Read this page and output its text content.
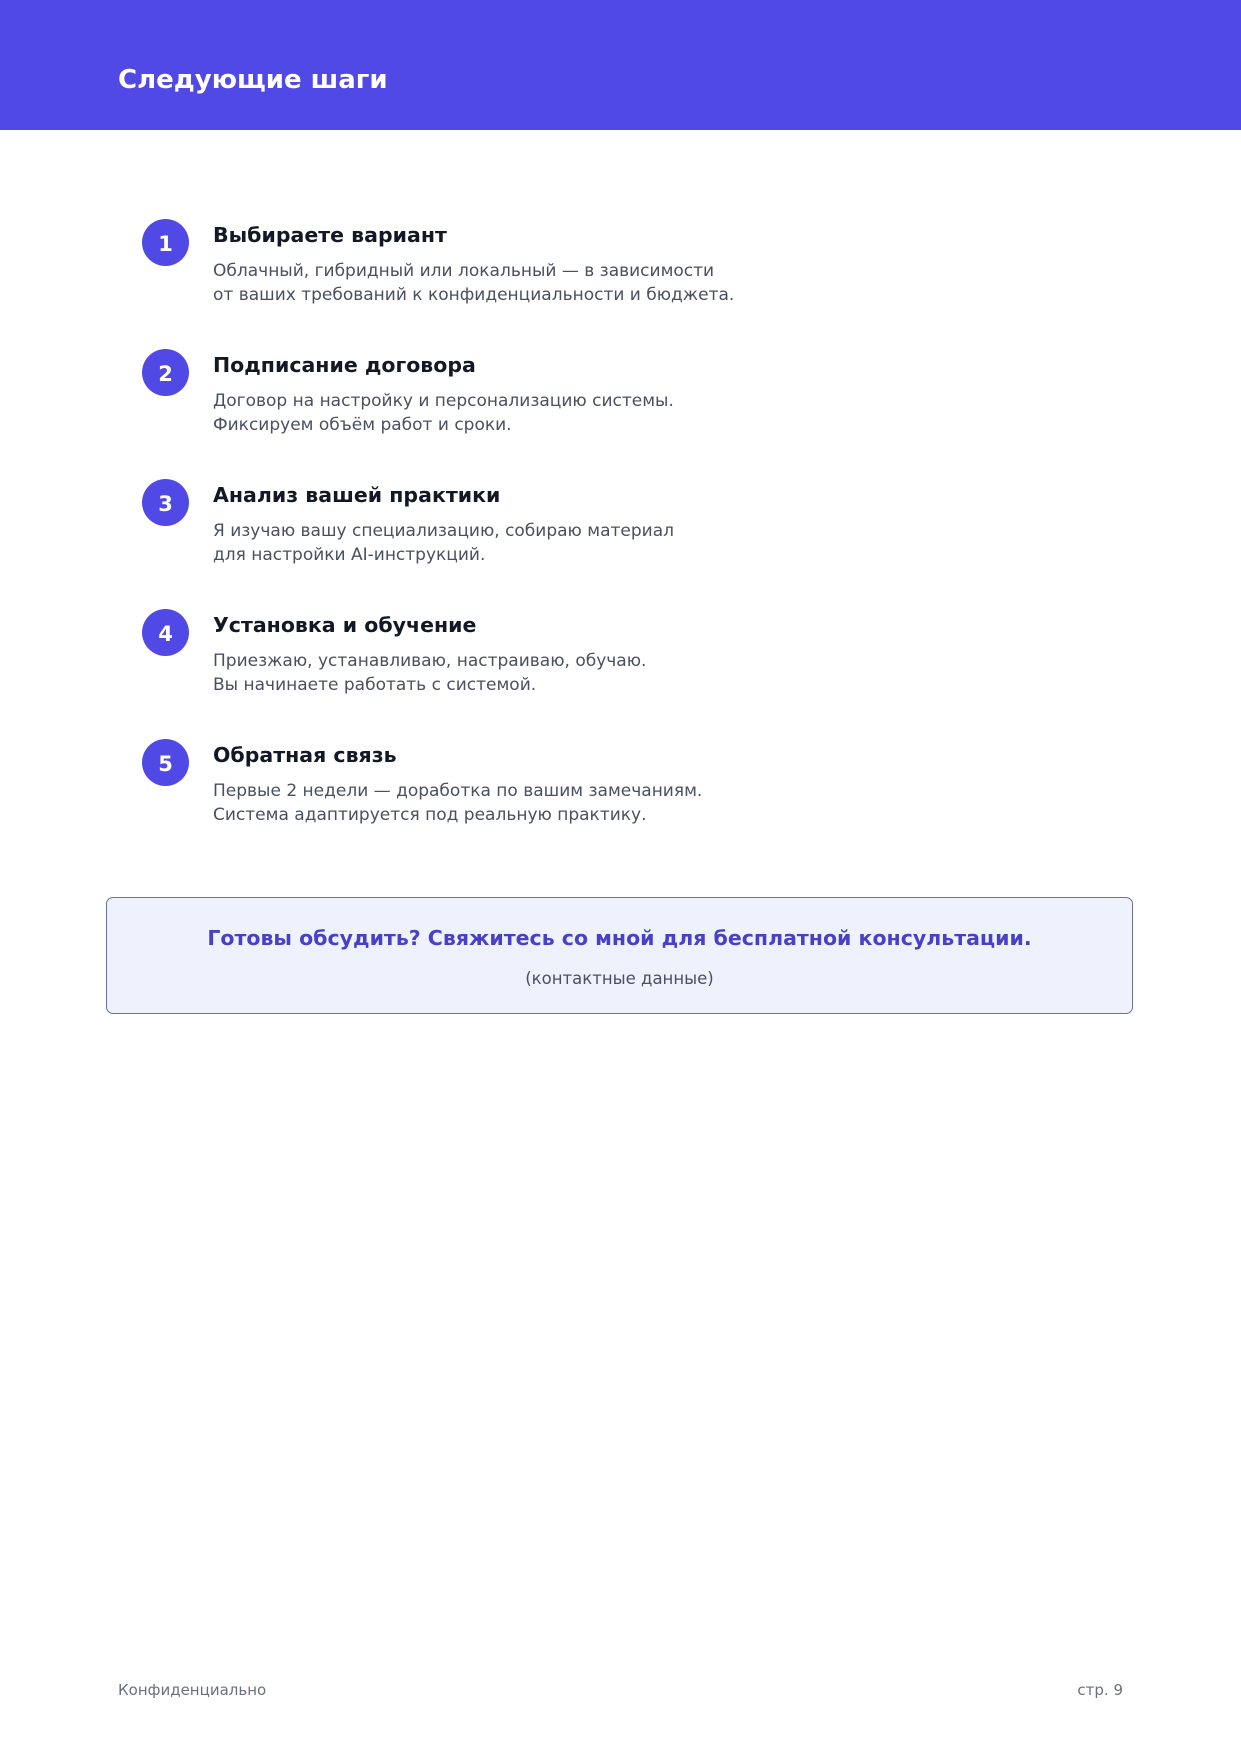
Следующие шаги
1	Выбираете вариант

Облачный, гибридный или локальный — в зависимости
от ваших требований к конфиденциальности и бюджета.

2	Подписание договора

Договор на настройку и персонализацию системы.
Фиксируем объём работ и сроки.

3	Анализ вашей практики

Я изучаю вашу специализацию, собираю материал
для настройки AI-инструкций.

4	Установка и обучение

Приезжаю, устанавливаю, настраиваю, обучаю.
Вы начинаете работать с системой.

5	Обратная связь

Первые 2 недели — доработка по вашим замечаниям.
Система адаптируется под реальную практику.

Готовы обсудить? Свяжитесь со мной для бесплатной консультации.

(контактные данные)

Конфиденциально	стр. 9
